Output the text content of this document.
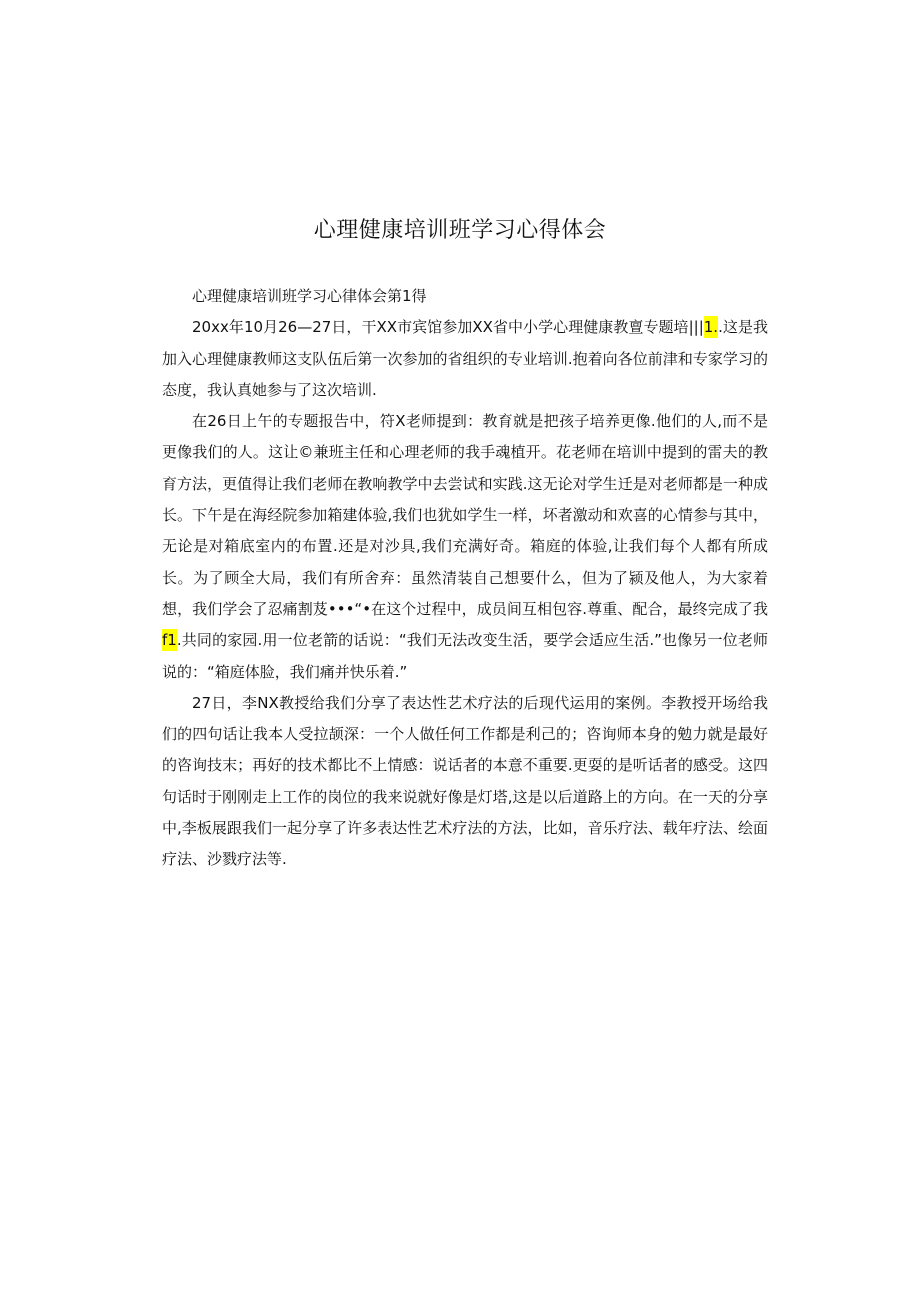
心理健康培训班学习心得体会

心理健康培训班学习心律体会第1得

20xx年10月26—27日，干XX市宾馆参加XX省中小学心理健康教亶专题培|||1..这是我加入心理健康教师这支队伍后第一次参加的省组织的专业培训.抱着向各位前津和专家学习的态度，我认真她参与了这次培训.

在26日上午的专题报告中，符X老师提到：教育就是把孩子培养更像.他们的人,而不是更像我们的人。这让©兼班主任和心理老师的我手魂植开。花老师在培训中提到的雷夫的教育方法，更值得让我们老师在教响教学中去尝试和实践.这无论对学生迁是对老师都是一种成长。下午是在海经院参加箱建体验,我们也犹如学生一样，坏者激动和欢喜的心情参与其中，无论是对箱底室内的布置.还是对沙具,我们充满好奇。箱庭的体验,让我们每个人都有所成长。为了顾全大局，我们有所舍弃：虽然清装自己想要什么，但为了颍及他人，为大家着想，我们学会了忍痛割芨•••“•在这个过程中，成员间互相包容.尊重、配合，最终完成了我f1.共同的家园.用一位老箭的话说：“我们无法改变生活，要学会适应生活.”也像另一位老师说的：“箱庭体脸，我们痛并快乐着.”

27日，李NX教授给我们分享了表达性艺术疗法的后现代运用的案例。李教授开场给我们的四句话让我本人受拉颉深：一个人做任何工作都是利己的；咨询师本身的勉力就是最好的咨询技末；再好的技术都比不上情感：说话者的本意不重要.更耍的是听话者的感受。这四句话时于刚刚走上工作的岗位的我来说就好像是灯塔,这是以后道路上的方向。在一天的分享中,李板展跟我们一起分享了许多表达性艺术疗法的方法，比如，音乐疗法、载年疗法、绘面疗法、沙戮疗法等.
